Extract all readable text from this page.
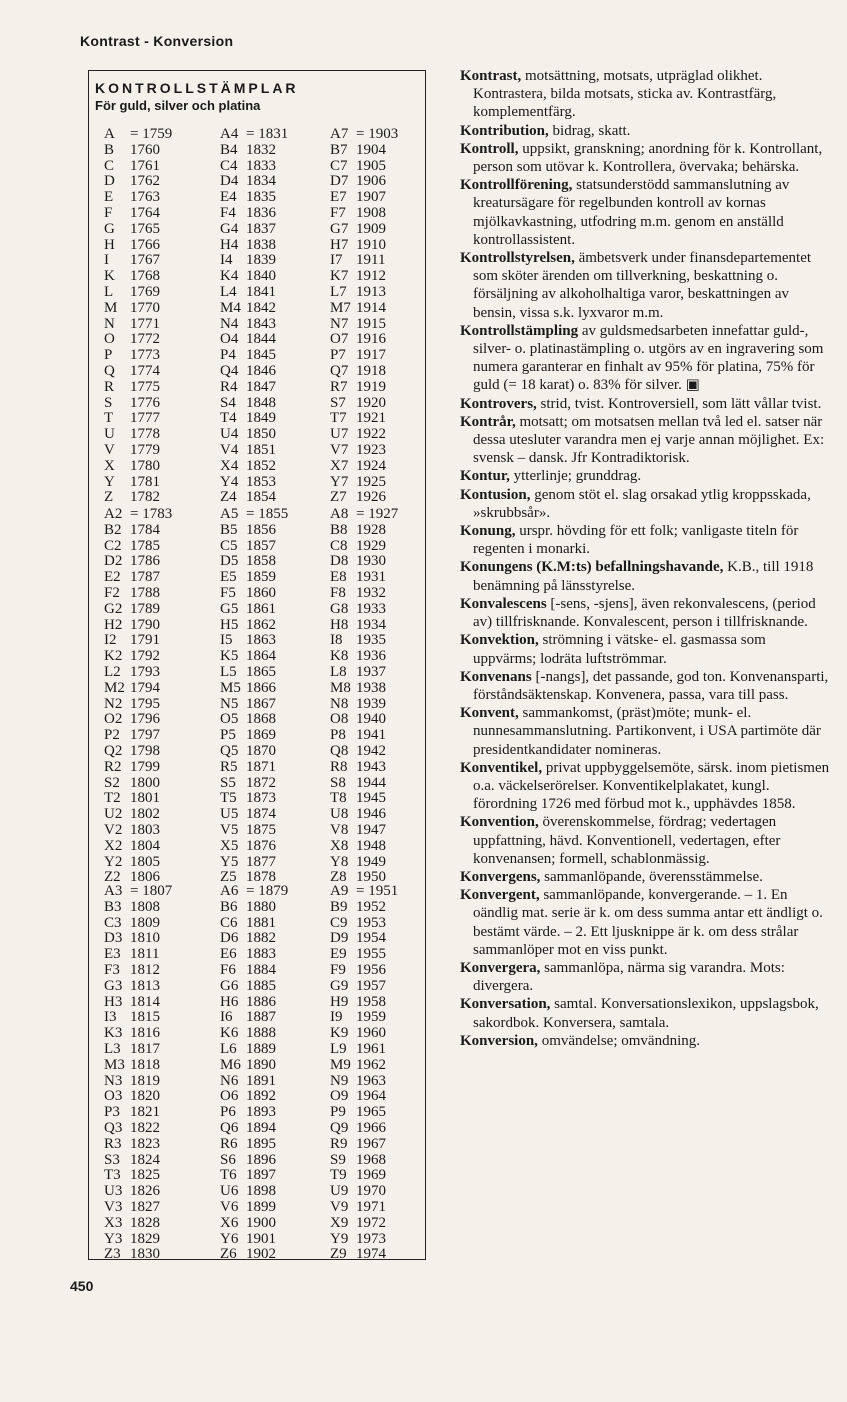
Kontrast - Konversion
KONTROLLSTÄMPLAR
För guld, silver och platina
A = 1759	A4 = 1831	A7 = 1903
B 1760	B4 1832	B7 1904
C 1761	C4 1833	C7 1905
D 1762	D4 1834	D7 1906
E 1763	E4 1835	E7 1907
F 1764	F4 1836	F7 1908
G 1765	G4 1837	G7 1909
H 1766	H4 1838	H7 1910
I 1767	I4 1839	I7 1911
K 1768	K4 1840	K7 1912
L 1769	L4 1841	L7 1913
M 1770	M4 1842	M7 1914
N 1771	N4 1843	N7 1915
O 1772	O4 1844	O7 1916
P 1773	P4 1845	P7 1917
Q 1774	Q4 1846	Q7 1918
R 1775	R4 1847	R7 1919
S 1776	S4 1848	S7 1920
T 1777	T4 1849	T7 1921
U 1778	U4 1850	U7 1922
V 1779	V4 1851	V7 1923
X 1780	X4 1852	X7 1924
Y 1781	Y4 1853	Y7 1925
Z 1782	Z4 1854	Z7 1926
A2 = 1783	A5 = 1855	A8 = 1927
B2 1784	B5 1856	B8 1928
C2 1785	C5 1857	C8 1929
D2 1786	D5 1858	D8 1930
E2 1787	E5 1859	E8 1931
F2 1788	F5 1860	F8 1932
G2 1789	G5 1861	G8 1933
H2 1790	H5 1862	H8 1934
I2 1791	I5 1863	I8 1935
K2 1792	K5 1864	K8 1936
L2 1793	L5 1865	L8 1937
M2 1794	M5 1866	M8 1938
N2 1795	N5 1867	N8 1939
O2 1796	O5 1868	O8 1940
P2 1797	P5 1869	P8 1941
Q2 1798	Q5 1870	Q8 1942
R2 1799	R5 1871	R8 1943
S2 1800	S5 1872	S8 1944
T2 1801	T5 1873	T8 1945
U2 1802	U5 1874	U8 1946
V2 1803	V5 1875	V8 1947
X2 1804	X5 1876	X8 1948
Y2 1805	Y5 1877	Y8 1949
Z2 1806	Z5 1878	Z8 1950
A3 = 1807	A6 = 1879	A9 = 1951
B3 1808	B6 1880	B9 1952
C3 1809	C6 1881	C9 1953
D3 1810	D6 1882	D9 1954
E3 1811	E6 1883	E9 1955
F3 1812	F6 1884	F9 1956
G3 1813	G6 1885	G9 1957
H3 1814	H6 1886	H9 1958
I3 1815	I6 1887	I9 1959
K3 1816	K6 1888	K9 1960
L3 1817	L6 1889	L9 1961
M3 1818	M6 1890	M9 1962
N3 1819	N6 1891	N9 1963
O3 1820	O6 1892	O9 1964
P3 1821	P6 1893	P9 1965
Q3 1822	Q6 1894	Q9 1966
R3 1823	R6 1895	R9 1967
S3 1824	S6 1896	S9 1968
T3 1825	T6 1897	T9 1969
U3 1826	U6 1898	U9 1970
V3 1827	V6 1899	V9 1971
X3 1828	X6 1900	X9 1972
Y3 1829	Y6 1901	Y9 1973
Z3 1830	Z6 1902	Z9 1974
450

Kontrast, motsättning, motsats, utpräglad olikhet. Kontrastera, bilda motsats, sticka av. Kontrastfärg, komplementfärg.

Kontribution, bidrag, skatt.

Kontroll, uppsikt, granskning; anordning för k. Kontrollant, person som utövar k. Kontrollera, övervaka; behärska.

Kontrollförening, statsunderstödd sammanslutning av kreatursägare för regelbunden kontroll av kornas mjölkavkastning, utfodring m.m. genom en anställd kontrollassistent.

Kontrollstyrelsen, ämbetsverk under finansdepartementet som sköter ärenden om tillverkning, beskattning o. försäljning av alkoholhaltiga varor, beskattningen av bensin, vissa s.k. lyxvaror m.m.

Kontrollstämpling av guldsmedsarbeten innefattar guld-, silver- o. platinastämpling o. utgörs av en ingravering som numera garanterar en finhalt av 95% för platina, 75% för guld (= 18 karat) o. 83% för silver. ▣

Kontrovers, strid, tvist. Kontroversiell, som lätt vållar tvist.

Kontrår, motsatt; om motsatsen mellan två led el. satser när dessa utesluter varandra men ej varje annan möjlighet. Ex: svensk – dansk. Jfr Kontradiktorisk.

Kontur, ytterlinje; grunddrag.

Kontusion, genom stöt el. slag orsakad ytlig kroppsskada, »skrubbsår».

Konung, urspr. hövding för ett folk; vanligaste titeln för regenten i monarki.

Konungens (K.M:ts) befallningshavande, K.B., till 1918 benämning på länsstyrelse.

Konvalescens [-sens, -sjens], även rekonvalescens, (period av) tillfrisknande. Konvalescent, person i tillfrisknande.

Konvektion, strömning i vätske- el. gasmassa som uppvärms; lodräta luftströmmar.

Konvenans [-nangs], det passande, god ton. Konvenansparti, förståndsäktenskap. Konvenera, passa, vara till pass.

Konvent, sammankomst, (präst)möte; munk- el. nunnesammanslutning. Partikonvent, i USA partimöte där presidentkandidater nomineras.

Konventikel, privat uppbyggelsemöte, särsk. inom pietismen o.a. väckelserörelser. Konventikelplakatet, kungl. förordning 1726 med förbud mot k., upphävdes 1858.

Konvention, överenskommelse, fördrag; vedertagen uppfattning, hävd. Konventionell, vedertagen, efter konvenansen; formell, schablonmässig.

Konvergens, sammanlöpande, överensstämmelse.

Konvergent, sammanlöpande, konvergerande. – 1. En oändlig mat. serie är k. om dess summa antar ett ändligt o. bestämt värde. – 2. Ett ljusknippe är k. om dess strålar sammanlöper mot en viss punkt.

Konvergera, sammanlöpa, närma sig varandra. Mots: divergera.

Konversation, samtal. Konversationslexikon, uppslagsbok, sakordbok. Konversera, samtala.

Konversion, omvändelse; omvändning.
